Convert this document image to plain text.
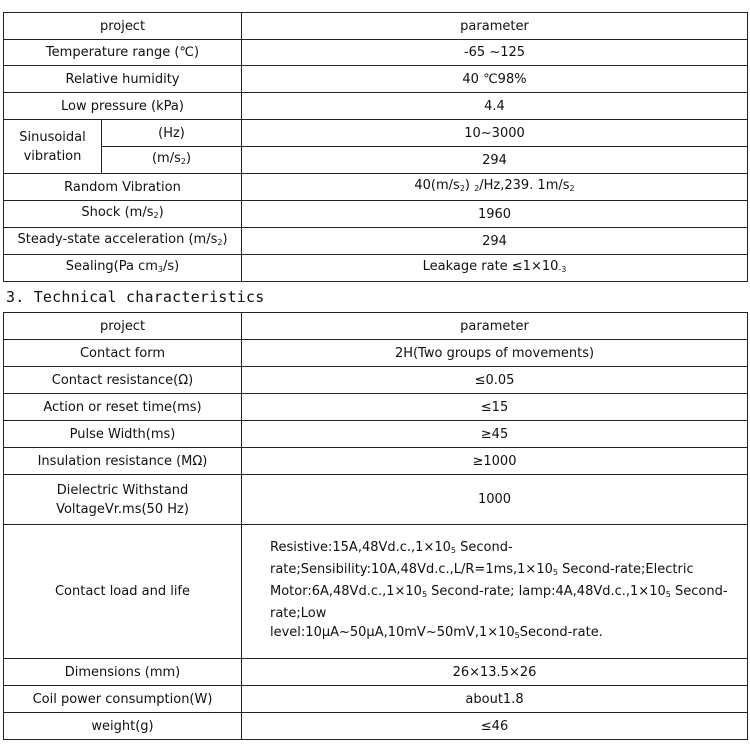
project		parameter
Temperature range (℃)		-65 ~125
Relative humidity		40 ℃98%
Low pressure (kPa)		4.4
Sinusoidal
vibration	(Hz)	10~3000
	$(m/s_2)$	294
Random Vibration		$40(m/s_2)$ $_2$/Hz,239. $1m/s_2$
Shock $(m/s_2)$		1960
Steady-state acceleration $(m/s_2)$		294
Sealing(Pa $cm_3/s$)		Leakage rate $\le 1\times 10_{-3}$
3. Technical characteristics
project	parameter
Contact form	2H(Two groups of movements)
Contact resistance(Ω)	≤0.05
Action or reset time(ms)	≤15
Pulse Width(ms)	≥45
Insulation resistance (MΩ)	≥1000
Dielectric Withstand
VoltageVr.ms(50 Hz)	1000
Contact load and life	$Resistive:15A,48Vd.c.,1\times 10_5$ Second-
$rate;Sensibility:10A,48Vd.c.,L/R=1ms,1\times 10_5$ Second-rate;Electric
$Motor:6A,48Vd.c.,1\times 10_5$ Second-rate; $lamp:4A,48Vd.c.,1\times 10_5$ Second-rate;Low
$level:10\mu A\sim 50\mu A,10mV\sim 50mV,1\times 10_5Second$-rate.
Dimensions (mm)	26×13.5×26
Coil power consumption(W)	about1.8
weight(g)	≤46
